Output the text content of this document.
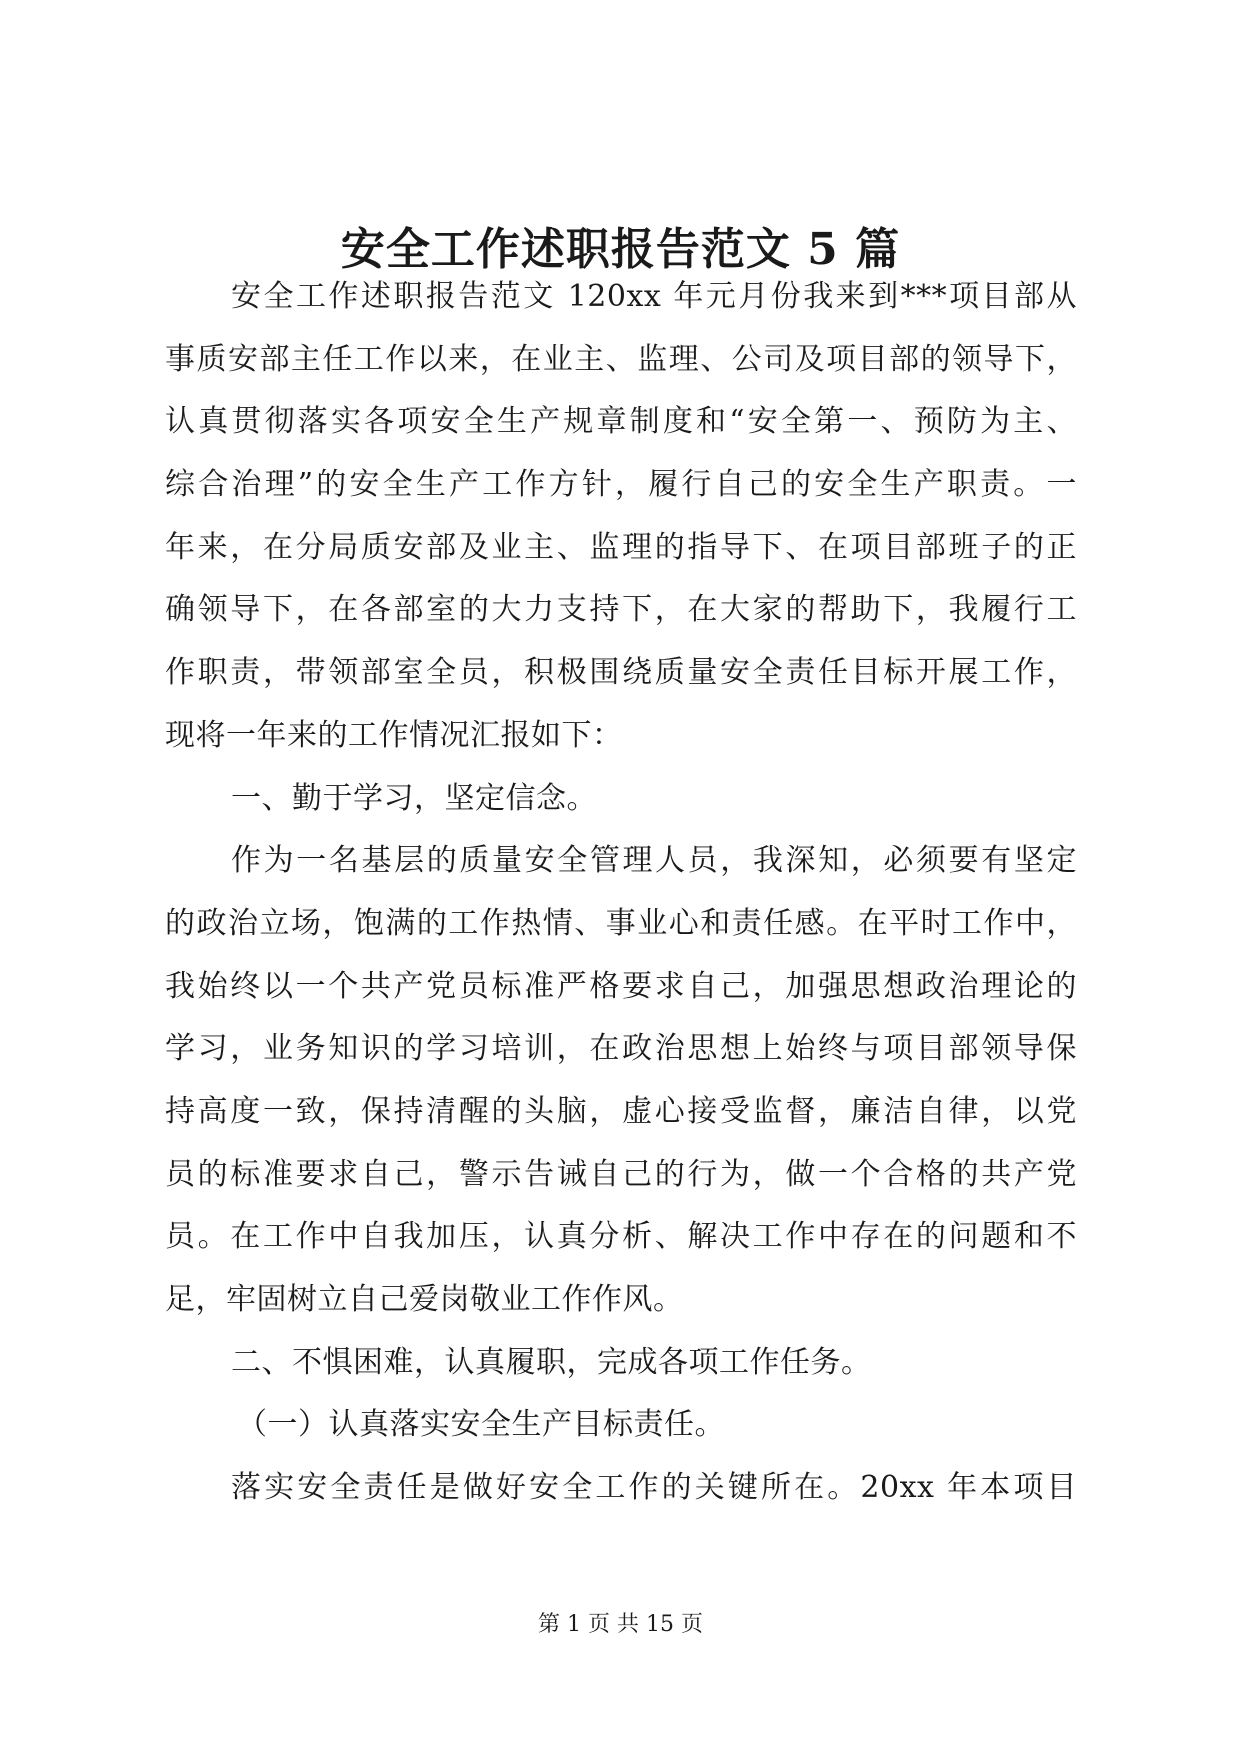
安全工作述职报告范文 5 篇
安全工作述职报告范文 120xx 年元月份我来到***项目部从
事质安部主任工作以来，在业主、监理、公司及项目部的领导下，
认真贯彻落实各项安全生产规章制度和“安全第一、预防为主、
综合治理”的安全生产工作方针，履行自己的安全生产职责。一
年来，在分局质安部及业主、监理的指导下、在项目部班子的正
确领导下，在各部室的大力支持下，在大家的帮助下，我履行工
作职责，带领部室全员，积极围绕质量安全责任目标开展工作，
现将一年来的工作情况汇报如下：
一、勤于学习，坚定信念。
作为一名基层的质量安全管理人员，我深知，必须要有坚定
的政治立场，饱满的工作热情、事业心和责任感。在平时工作中，
我始终以一个共产党员标准严格要求自己，加强思想政治理论的
学习，业务知识的学习培训，在政治思想上始终与项目部领导保
持高度一致，保持清醒的头脑，虚心接受监督，廉洁自律，以党
员的标准要求自己，警示告诫自己的行为，做一个合格的共产党
员。在工作中自我加压，认真分析、解决工作中存在的问题和不
足，牢固树立自己爱岗敬业工作作风。
二、不惧困难，认真履职，完成各项工作任务。
（一）认真落实安全生产目标责任。
落实安全责任是做好安全工作的关键所在。20xx 年本项目
第 1 页 共 15 页
